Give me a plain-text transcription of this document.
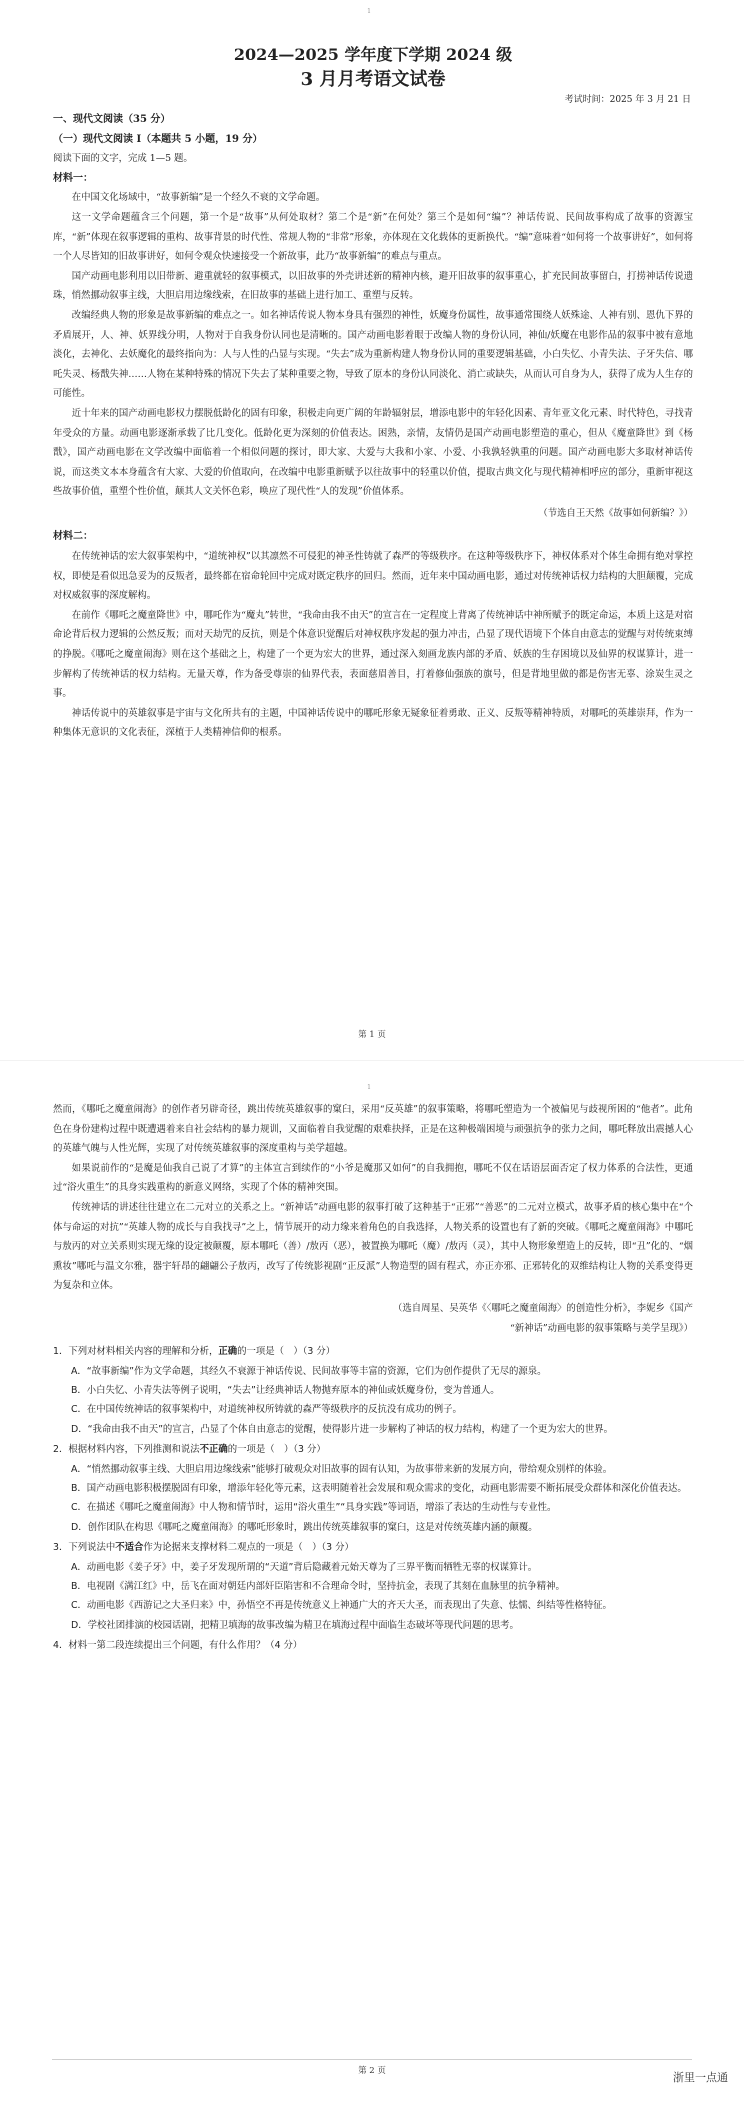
1

2024—2025 学年度下学期 2024 级

3 月月考语文试卷

考试时间：2025 年 3 月 21 日
一、现代文阅读（35 分）
（一）现代文阅读 I（本题共 5 小题，19 分）

阅读下面的文字，完成 1—5 题。

材料一：

在中国文化场域中，“故事新编”是一个经久不衰的文学命题。

这一文学命题蕴含三个问题，第一个是“故事”从何处取材？第二个是“新”在何处？第三个是如何“编”？神话传说、民间故事构成了故事的资源宝库，“新”体现在叙事逻辑的重构、故事背景的时代性、常规人物的“非常”形象，亦体现在文化载体的更新换代。“编”意味着“如何将一个故事讲好”，如何将一个人尽皆知的旧故事讲好，如何令观众快速接受一个新故事，此乃“故事新编”的难点与重点。

国产动画电影利用以旧带新、避重就轻的叙事模式，以旧故事的外壳讲述新的精神内核，避开旧故事的叙事重心，扩充民间故事留白，打捞神话传说遗珠，悄然挪动叙事主线，大胆启用边缘线索，在旧故事的基础上进行加工、重塑与反转。

改编经典人物的形象是故事新编的难点之一。如名神话传说人物本身具有强烈的神性，妖魔身份属性，故事通常围绕人妖殊途、人神有别、恩仇下界的矛盾展开，人、神、妖界线分明，人物对于自我身份认同也是清晰的。国产动画电影着眼于改编人物的身份认同，神仙/妖魔在电影作品的叙事中被有意地淡化，去神化、去妖魔化的最终指向为：人与人性的凸显与实现。“失去”成为重新构建人物身份认同的重要逻辑基础，小白失忆、小青失法、子牙失信、哪吒失灵、杨戬失神……人物在某种特殊的情况下失去了某种重要之物，导致了原本的身份认同淡化、消亡或缺失，从而认可自身为人，获得了成为人生存的可能性。

近十年来的国产动画电影权力摆脱低龄化的固有印象，积极走向更广阔的年龄辐射层，增添电影中的年轻化因素、青年亚文化元素、时代特色，寻找青年受众的方量。动画电影逐渐承载了比几变化。低龄化更为深刻的价值表达。困熟，亲情，友情仍是国产动画电影塑造的重心，但从《魔童降世》到《杨戬》，国产动画电影在文学改编中面临着一个相似问题的探讨，即大家、大爱与大我和小家、小爱、小我孰轻孰重的问题。国产动画电影大多取材神话传说，而这类文本本身蕴含有大家、大爱的价值取向，在改编中电影重新赋予以往故事中的轻重以价值，提取古典文化与现代精神相呼应的部分，重新审视这些故事价值，重塑个性价值，颠其人文关怀色彩，唤应了现代性“人的发现”价值体系。

（节选自王天然《故事如何新编？》）

材料二：

在传统神话的宏大叙事架构中，“道统神权”以其凛然不可侵犯的神圣性铸就了森严的等级秩序。在这种等级秩序下，神权体系对个体生命拥有绝对掌控权，即使是看似迅急妥为的反叛者，最终都在宿命轮回中完成对既定秩序的回归。然而，近年来中国动画电影，通过对传统神话权力结构的大胆颠覆，完成对权威叙事的深度解构。

在前作《哪吒之魔童降世》中，哪吒作为“魔丸”转世，“我命由我不由天”的宣言在一定程度上背离了传统神话中神所赋予的既定命运，本质上这是对宿命论背后权力逻辑的公然反叛；而对天劫咒的反抗，则是个体意识觉醒后对神权秩序发起的强力冲击，凸显了现代语境下个体自由意志的觉醒与对传统束缚的挣脱。《哪吒之魔童闹海》则在这个基础之上，构建了一个更为宏大的世界，通过深入刻画龙族内部的矛盾、妖族的生存困境以及仙界的权谋算计，进一步解构了传统神话的权力结构。无量天尊，作为备受尊崇的仙界代表，表面慈眉善目，打着修仙强族的旗号，但是背地里做的都是伤害无辜、涂炭生灵之事。

神话传说中的英雄叙事是宇宙与文化所共有的主题，中国神话传说中的哪吒形象无疑象征着勇敢、正义、反叛等精神特质，对哪吒的英雄崇拜，作为一种集体无意识的文化表征，深植于人类精神信仰的根系。

第 1 页
1

然而，《哪吒之魔童闹海》的创作者另辟奇径，跳出传统英雄叙事的窠臼，采用“反英雄”的叙事策略，将哪吒塑造为一个被偏见与歧视所困的“他者”。此角色在身份建构过程中既遭遇着来自社会结构的暴力规训，又面临着自我觉醒的艰难抉择，正是在这种极端困境与顽强抗争的张力之间，哪吒释放出震撼人心的英雄气魄与人性光辉，实现了对传统英雄叙事的深度重构与美学超越。

如果说前作的“是魔是仙我自己说了才算”的主体宣言到续作的“小爷是魔那又如何”的自我拥抱，哪吒不仅在话语层面否定了权力体系的合法性，更通过“浴火重生”的具身实践重构的新意义网络，实现了个体的精神突围。

传统神话的讲述往往建立在二元对立的关系之上。“新神话”动画电影的叙事打破了这种基于“正邪”“善恶”的二元对立模式，故事矛盾的核心集中在“个体与命运的对抗”“英雄人物的成长与自我找寻”之上，情节展开的动力缘来着角色的自我选择，人物关系的设置也有了新的突破。《哪吒之魔童闹海》中哪吒与敖丙的对立关系则实现无缘的设定被颠覆，原本哪吒（善）/敖丙（恶），被置换为哪吒（魔）/敖丙（灵），其中人物形象塑造上的反转，即“丑”化的、“烟熏妆”哪吒与温文尔雅，器宇轩昂的翩翩公子敖丙，改写了传统影视剧“正反派”人物造型的固有程式，亦正亦邪、正邪转化的双维结构让人物的关系变得更为复杂和立体。

（选自周星、吴英华《〈哪吒之魔童闹海〉的创造性分析》，李妮乡《国产

“新神话”动画电影的叙事策略与美学呈现》）

1．下列对材料相关内容的理解和分析，正确的一项是（　）（3 分）
A．“故事新编”作为文学命题，其经久不衰源于神话传说、民间故事等丰富的资源，它们为创作提供了无尽的源泉。
B．小白失忆、小青失法等例子说明，“失去”让经典神话人物抛弃原本的神仙或妖魔身份，变为普通人。
C．在中国传统神话的叙事架构中，对道统神权所铸就的森严等级秩序的反抗没有成功的例子。
D．“我命由我不由天”的宣言，凸显了个体自由意志的觉醒，使得影片进一步解构了神话的权力结构，构建了一个更为宏大的世界。
2．根据材料内容，下列推测和说法不正确的一项是（　）（3 分）
A．“悄然挪动叙事主线、大胆启用边缘线索”能够打破观众对旧故事的固有认知，为故事带来新的发展方向，带给观众别样的体验。
B．国产动画电影积极摆脱固有印象，增添年轻化等元素，这表明随着社会发展和观众需求的变化，动画电影需要不断拓展受众群体和深化价值表达。
C．在描述《哪吒之魔童闹海》中人物和情节时，运用“浴火重生”“具身实践”等词语，增添了表达的生动性与专业性。
D．创作团队在构思《哪吒之魔童闹海》的哪吒形象时，跳出传统英雄叙事的窠臼，这是对传统英雄内涵的颠覆。
3．下列说法中不适合作为论据来支撑材料二观点的一项是（　）（3 分）
A．动画电影《姜子牙》中，姜子牙发现所谓的“天道”背后隐藏着元始天尊为了三界平衡而牺牲无辜的权谋算计。
B．电视剧《满江红》中，岳飞在面对朝廷内部奸臣陷害和不合理命令时，坚持抗金，表现了其刻在血脉里的抗争精神。
C．动画电影《西游记之大圣归来》中，孙悟空不再是传统意义上神通广大的齐天大圣，而表现出了失意、怯懦、纠结等性格特征。
D．学校社团排演的校园话剧，把精卫填海的故事改编为精卫在填海过程中面临生态破坏等现代问题的思考。
4．材料一第二段连续提出三个问题，有什么作用？（4 分）
第 2 页	浙里一点通
